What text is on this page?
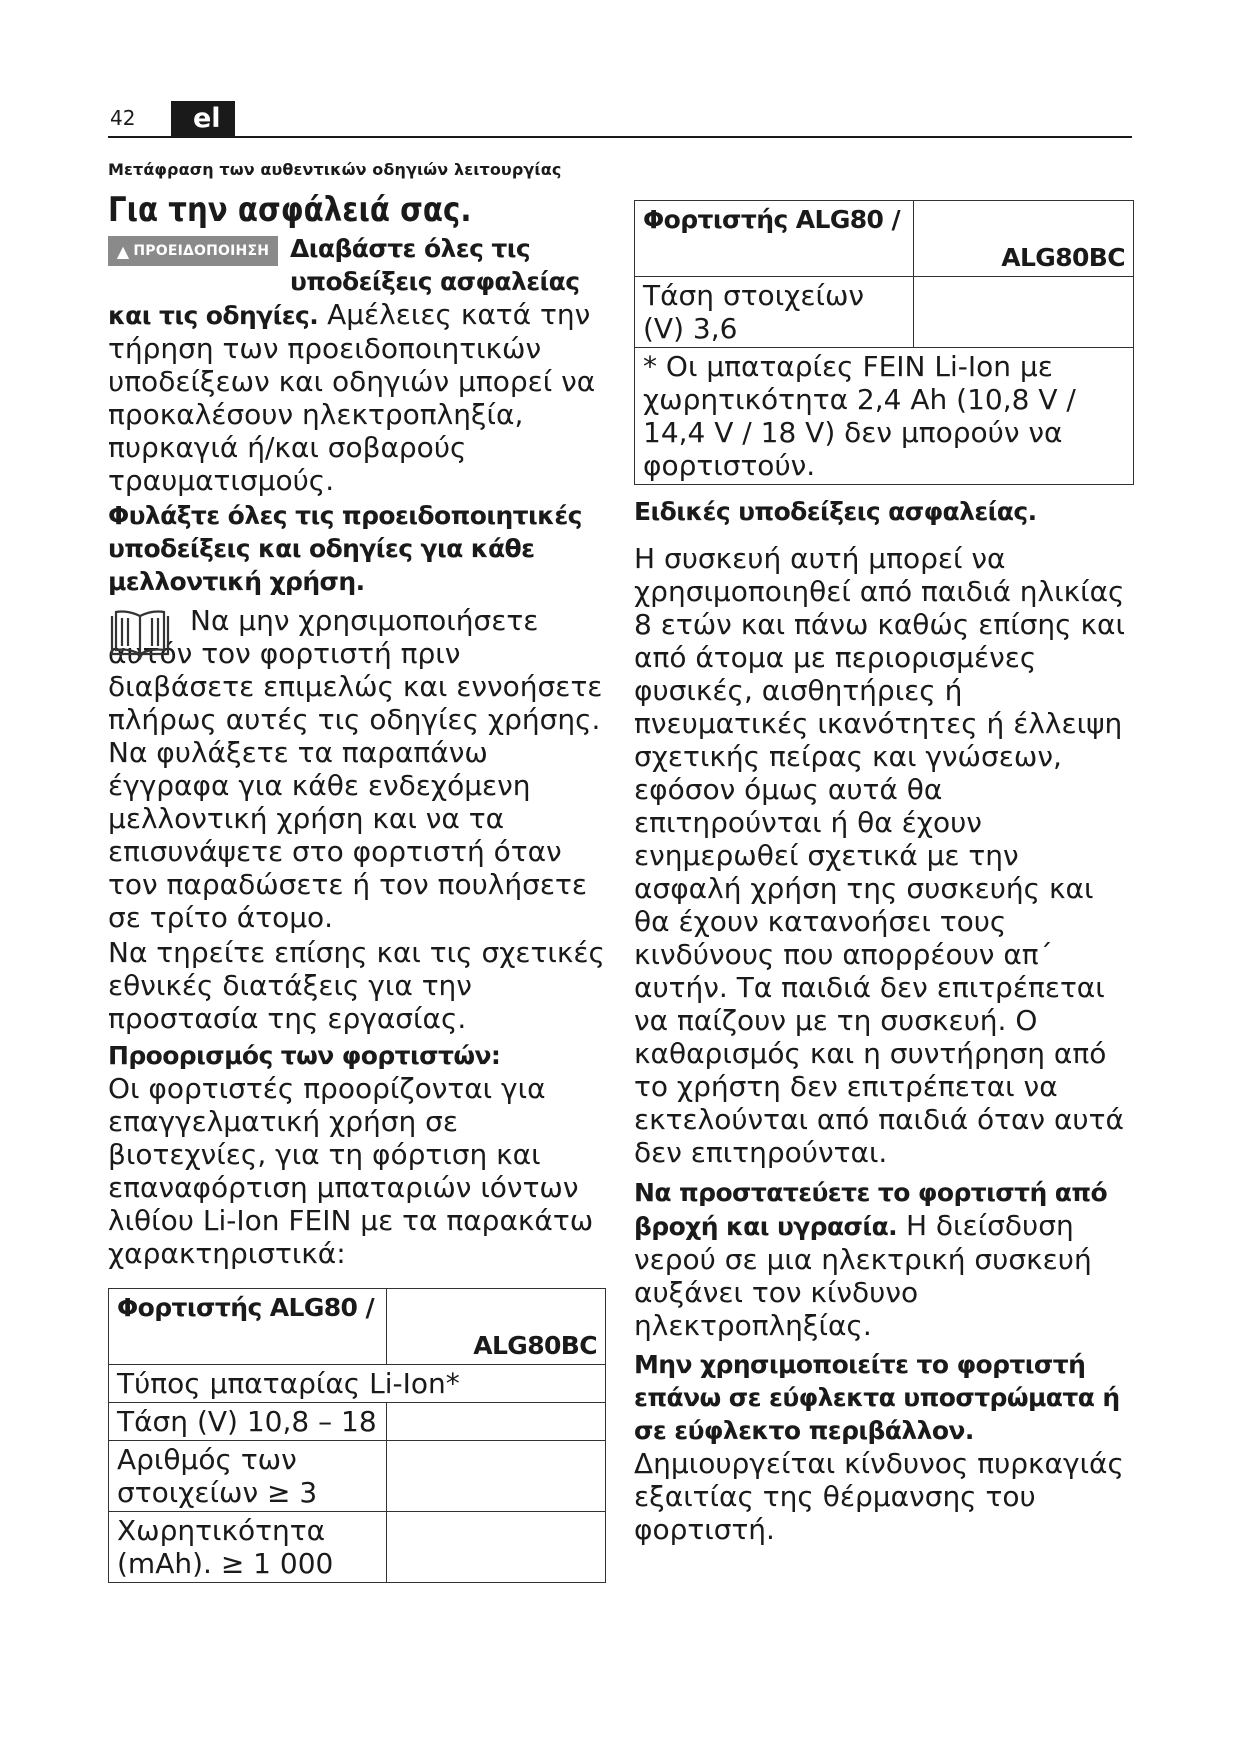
42	el
Μετάφραση των αυθεντικών οδηγιών λειτουργίας
Για την ασφάλειά σας.
▲ ΠΡΟΕΙΔΟΠΟΙΗΣΗ Διαβάστε όλες τις
υποδείξεις ασφαλείας

και τις οδηγίες. Αμέλειες κατά την τήρηση των προειδοποιητικών υποδείξεων και οδηγιών μπορεί να προκαλέσουν ηλεκτροπληξία, πυρκαγιά ή/και σοβαρούς τραυματισμούς.

Φυλάξτε όλες τις προειδοποιητικές υποδείξεις και οδηγίες για κάθε μελλοντική χρήση.

Να μην χρησιμοποιήσετε αυτόν τον φορτιστή πριν διαβάσετε επιμελώς και εννοήσετε πλήρως αυτές τις οδηγίες χρήσης. Να φυλάξετε τα παραπάνω έγγραφα για κάθε ενδεχόμενη μελλοντική χρήση και να τα επισυνάψετε στο φορτιστή όταν τον παραδώσετε ή τον πουλήσετε σε τρίτο άτομο.

Να τηρείτε επίσης και τις σχετικές εθνικές διατάξεις για την προστασία της εργασίας.

Προορισμός των φορτιστών:

Οι φορτιστές προορίζονται για επαγγελματική χρήση σε βιοτεχνίες, για τη φόρτιση και επαναφόρτιση μπαταριών ιόντων λιθίου Li-Ion FEIN με τα παρακάτω χαρακτηριστικά:

Φορτιστής ALG80 /	ALG80BC
Τύπος μπαταρίας Li-Ion*	
Τάση (V) 10,8 – 18	
Αριθμός των στοιχείων ≥ 3	
Χωρητικότητα (mAh). ≥ 1 000	
Φορτιστής ALG80 /	ALG80BC
Τάση στοιχείων (V) 3,6	
* Οι μπαταρίες FEIN Li-Ion με χωρητικότητα 2,4 Ah (10,8 V / 14,4 V / 18 V) δεν μπορούν να φορτιστούν.	

Ειδικές υποδείξεις ασφαλείας.

Η συσκευή αυτή μπορεί να χρησιμοποιηθεί από παιδιά ηλικίας 8 ετών και πάνω καθώς επίσης και από άτομα με περιορισμένες φυσικές, αισθητήριες ή πνευματικές ικανότητες ή έλλειψη σχετικής πείρας και γνώσεων, εφόσον όμως αυτά θα επιτηρούνται ή θα έχουν ενημερωθεί σχετικά με την ασφαλή χρήση της συσκευής και θα έχουν κατανοήσει τους κινδύνους που απορρέουν απ΄ αυτήν. Τα παιδιά δεν επιτρέπεται να παίζουν με τη συσκευή. Ο καθαρισμός και η συντήρηση από το χρήστη δεν επιτρέπεται να εκτελούνται από παιδιά όταν αυτά δεν επιτηρούνται.

Να προστατεύετε το φορτιστή από βροχή και υγρασία. Η διείσδυση νερού σε μια ηλεκτρική συσκευή αυξάνει τον κίνδυνο ηλεκτροπληξίας.

Μην χρησιμοποιείτε το φορτιστή επάνω σε εύφλεκτα υποστρώματα ή σε εύφλεκτο περιβάλλον.

Δημιουργείται κίνδυνος πυρκαγιάς εξαιτίας της θέρμανσης του φορτιστή.
